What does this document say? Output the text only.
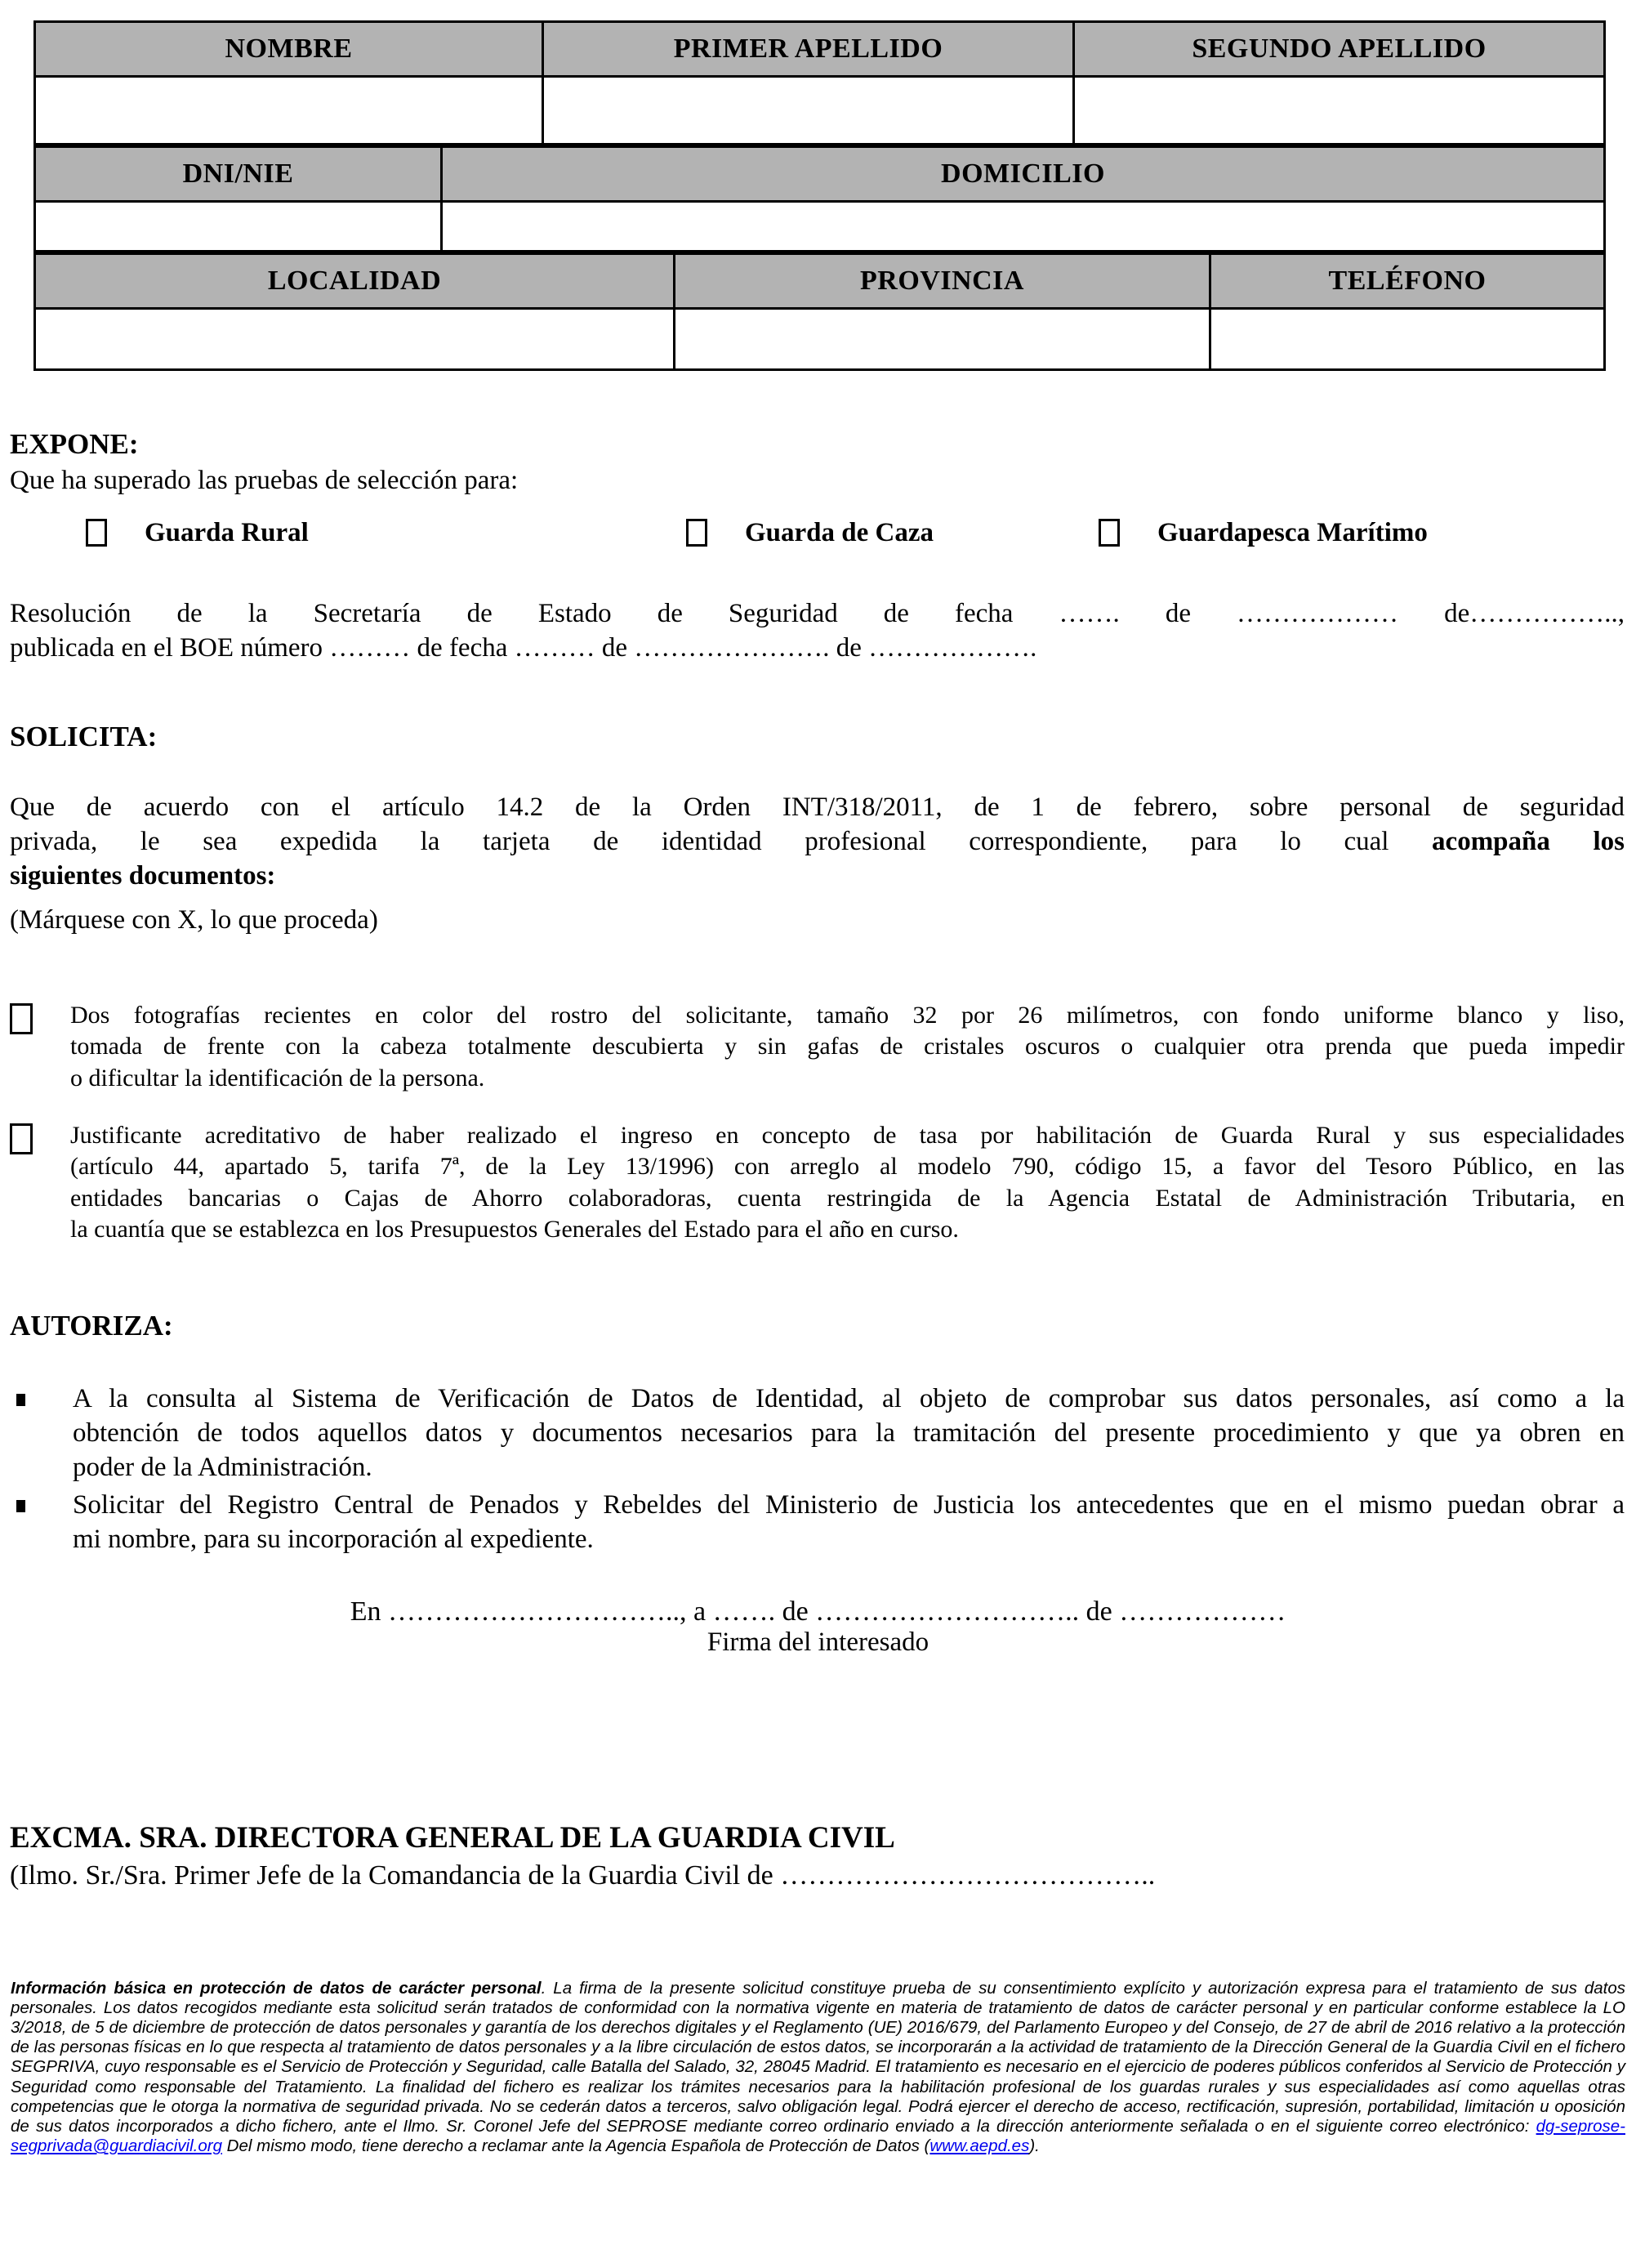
NOMBRE	PRIMER APELLIDO	SEGUNDO APELLIDO

DNI/NIE	DOMICILIO

LOCALIDAD	PROVINCIA	TELÉFONO

EXPONE:
Que ha superado las pruebas de selección para:
Guarda Rural	Guarda de Caza	Guardapesca Marítimo
Resolución de la Secretaría de Estado de Seguridad de fecha ……. de ……………… de……………..,
publicada en el BOE número ……… de fecha ……… de …………………. de ……………….
SOLICITA:
Que de acuerdo con el artículo 14.2 de la Orden INT/318/2011, de 1 de febrero, sobre personal de seguridad
privada, le sea expedida la tarjeta de identidad profesional correspondiente, para lo cual acompaña los
siguientes documentos:
(Márquese con X, lo que proceda)
Dos fotografías recientes en color del rostro del solicitante, tamaño 32 por 26 milímetros, con fondo uniforme blanco y liso,
tomada de frente con la cabeza totalmente descubierta y sin gafas de cristales oscuros o cualquier otra prenda que pueda impedir
o dificultar la identificación de la persona.
Justificante acreditativo de haber realizado el ingreso en concepto de tasa por habilitación de Guarda Rural y sus especialidades
(artículo 44, apartado 5, tarifa 7ª, de la Ley 13/1996) con arreglo al modelo 790, código 15, a favor del Tesoro Público, en las
entidades bancarias o Cajas de Ahorro colaboradoras, cuenta restringida de la Agencia Estatal de Administración Tributaria, en
la cuantía que se establezca en los Presupuestos Generales del Estado para el año en curso.
AUTORIZA:
A la consulta al Sistema de Verificación de Datos de Identidad, al objeto de comprobar sus datos personales, así como a la
obtención de todos aquellos datos y documentos necesarios para la tramitación del presente procedimiento y que ya obren en
poder de la Administración.
Solicitar del Registro Central de Penados y Rebeldes del Ministerio de Justicia los antecedentes que en el mismo puedan obrar a
mi nombre, para su incorporación al expediente.
En ………………………….., a ……. de ……………………….. de ………………
Firma del interesado
EXCMA. SRA. DIRECTORA GENERAL DE LA GUARDIA CIVIL
(Ilmo. Sr./Sra. Primer Jefe de la Comandancia de la Guardia Civil de …………………………………..
Información básica en protección de datos de carácter personal. La firma de la presente solicitud constituye prueba de su consentimiento explícito y autorización expresa para el tratamiento de sus datos personales. Los datos recogidos mediante esta solicitud serán tratados de conformidad con la normativa vigente en materia de tratamiento de datos de carácter personal y en particular conforme establece la LO 3/2018, de 5 de diciembre de protección de datos personales y garantía de los derechos digitales y el Reglamento (UE) 2016/679, del Parlamento Europeo y del Consejo, de 27 de abril de 2016 relativo a la protección de las personas físicas en lo que respecta al tratamiento de datos personales y a la libre circulación de estos datos, se incorporarán a la actividad de tratamiento de la Dirección General de la Guardia Civil en el fichero SEGPRIVA, cuyo responsable es el Servicio de Protección y Seguridad, calle Batalla del Salado, 32, 28045 Madrid. El tratamiento es necesario en el ejercicio de poderes públicos conferidos al Servicio de Protección y Seguridad como responsable del Tratamiento. La finalidad del fichero es realizar los trámites necesarios para la habilitación profesional de los guardas rurales y sus especialidades así como aquellas otras competencias que le otorga la normativa de seguridad privada. No se cederán datos a terceros, salvo obligación legal. Podrá ejercer el derecho de acceso, rectificación, supresión, portabilidad, limitación u oposición de sus datos incorporados a dicho fichero, ante el Ilmo. Sr. Coronel Jefe del SEPROSE mediante correo ordinario enviado a la dirección anteriormente señalada o en el siguiente correo electrónico: dg-seprose-segprivada@guardiacivil.org Del mismo modo, tiene derecho a reclamar ante la Agencia Española de Protección de Datos (www.aepd.es).
